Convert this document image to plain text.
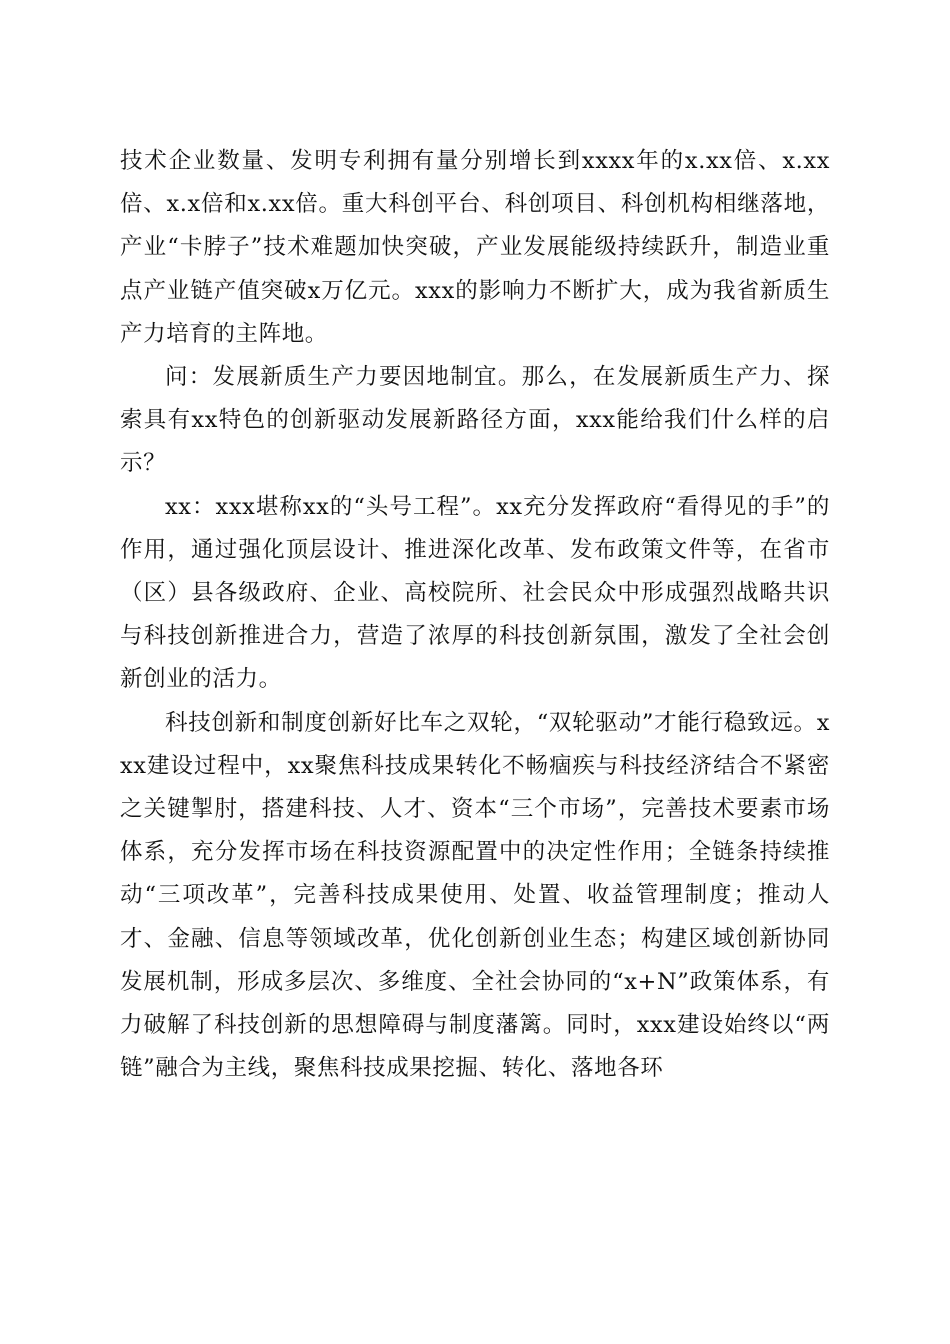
技术企业数量、发明专利拥有量分别增长到xxxx年的x.xx倍、x.xx倍、x.x倍和x.xx倍。重大科创平台、科创项目、科创机构相继落地，产业“卡脖子”技术难题加快突破，产业发展能级持续跃升，制造业重点产业链产值突破x万亿元。xxx的影响力不断扩大，成为我省新质生产力培育的主阵地。

问：发展新质生产力要因地制宜。那么，在发展新质生产力、探索具有xx特色的创新驱动发展新路径方面，xxx能给我们什么样的启示？

xx：xxx堪称xx的“头号工程”。xx充分发挥政府“看得见的手”的作用，通过强化顶层设计、推进深化改革、发布政策文件等，在省市（区）县各级政府、企业、高校院所、社会民众中形成强烈战略共识与科技创新推进合力，营造了浓厚的科技创新氛围，激发了全社会创新创业的活力。

科技创新和制度创新好比车之双轮，“双轮驱动”才能行稳致远。xxx建设过程中，xx聚焦科技成果转化不畅痼疾与科技经济结合不紧密之关键掣肘，搭建科技、人才、资本“三个市场”，完善技术要素市场体系，充分发挥市场在科技资源配置中的决定性作用；全链条持续推动“三项改革”，完善科技成果使用、处置、收益管理制度；推动人才、金融、信息等领域改革，优化创新创业生态；构建区域创新协同发展机制，形成多层次、多维度、全社会协同的“x+N”政策体系，有力破解了科技创新的思想障碍与制度藩篱。同时，xxx建设始终以“两链”融合为主线，聚焦科技成果挖掘、转化、落地各环
